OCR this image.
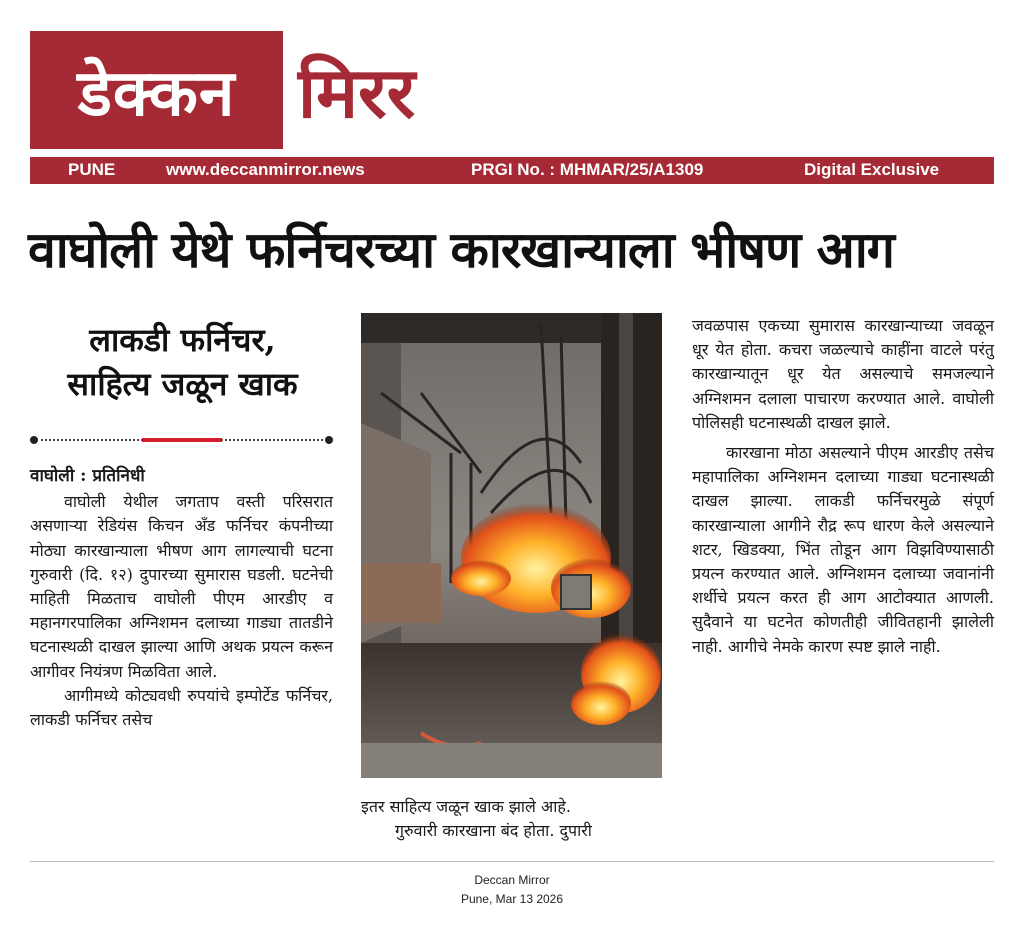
डेक्कन मिरर
PUNE	www.deccanmirror.news	PRGI No. : MHMAR/25/A1309	Digital Exclusive
वाघोली येथे फर्निचरच्या कारखान्याला भीषण आग
लाकडी फर्निचर,
साहित्य जळून खाक

वाघोली : प्रतिनिधी

वाघोली येथील जगताप वस्ती परिसरात असणाऱ्या रेडियंस किचन अँड फर्निचर कंपनीच्या मोठ्या कारखान्याला भीषण आग लागल्याची घटना गुरुवारी (दि. १२) दुपारच्या सुमारास घडली. घटनेची माहिती मिळताच वाघोली पीएम आरडीए व महानगरपालिका अग्निशमन दलाच्या गाड्या तातडीने घटनास्थळी दाखल झाल्या आणि अथक प्रयत्न करून आगीवर नियंत्रण मिळविता आले.

आगीमध्ये कोट्यवधी रुपयांचे इम्पोर्टेड फर्निचर, लाकडी फर्निचर तसेच

इतर साहित्य जळून खाक झाले आहे.

गुरुवारी कारखाना बंद होता. दुपारी

जवळपास एकच्या सुमारास कारखान्याच्या जवळून धूर येत होता. कचरा जळल्याचे काहींना वाटले परंतु कारखान्यातून धूर येत असल्याचे समजल्याने अग्निशमन दलाला पाचारण करण्यात आले. वाघोली पोलिसही घटनास्थळी दाखल झाले.

कारखाना मोठा असल्याने पीएम आरडीए तसेच महापालिका अग्निशमन दलाच्या गाड्या घटनास्थळी दाखल झाल्या. लाकडी फर्निचरमुळे संपूर्ण कारखान्याला आगीने रौद्र रूप धारण केले असल्याने शटर, खिडक्या, भिंत तोडून आग विझविण्यासाठी प्रयत्न करण्यात आले. अग्निशमन दलाच्या जवानांनी शर्थीचे प्रयत्न करत ही आग आटोक्यात आणली. सुदैवाने या घटनेत कोणतीही जीवितहानी झालेली नाही. आगीचे नेमके कारण स्पष्ट झाले नाही.

Deccan Mirror
Pune, Mar 13 2026
